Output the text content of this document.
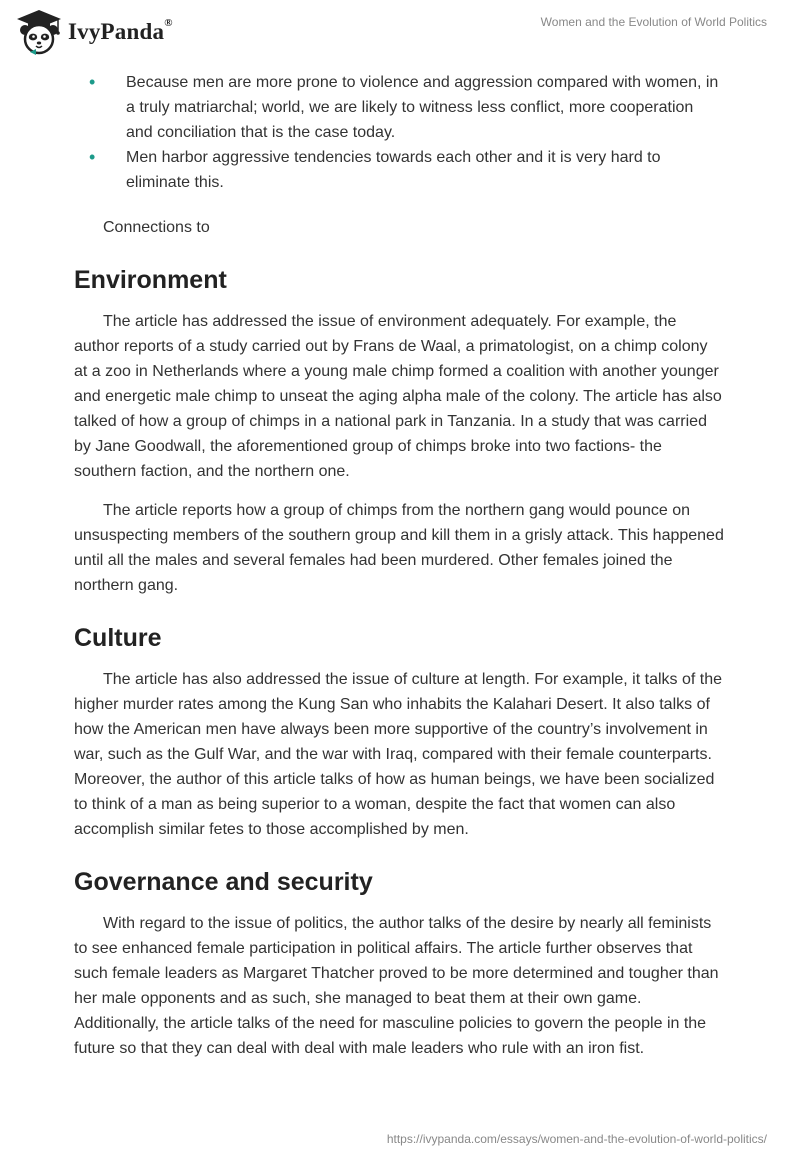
IvyPanda®	Women and the Evolution of World Politics
• Because men are more prone to violence and aggression compared with women, in a truly matriarchal; world, we are likely to witness less conflict, more cooperation and conciliation that is the case today.
• Men harbor aggressive tendencies towards each other and it is very hard to eliminate this.
Connections to
Environment

The article has addressed the issue of environment adequately. For example, the author reports of a study carried out by Frans de Waal, a primatologist, on a chimp colony at a zoo in Netherlands where a young male chimp formed a coalition with another younger and energetic male chimp to unseat the aging alpha male of the colony. The article has also talked of how a group of chimps in a national park in Tanzania. In a study that was carried by Jane Goodwall, the aforementioned group of chimps broke into two factions- the southern faction, and the northern one.

The article reports how a group of chimps from the northern gang would pounce on unsuspecting members of the southern group and kill them in a grisly attack. This happened until all the males and several females had been murdered. Other females joined the northern gang.

Culture

The article has also addressed the issue of culture at length. For example, it talks of the higher murder rates among the Kung San who inhabits the Kalahari Desert. It also talks of how the American men have always been more supportive of the country’s involvement in war, such as the Gulf War, and the war with Iraq, compared with their female counterparts. Moreover, the author of this article talks of how as human beings, we have been socialized to think of a man as being superior to a woman, despite the fact that women can also accomplish similar fetes to those accomplished by men.

Governance and security

With regard to the issue of politics, the author talks of the desire by nearly all feminists to see enhanced female participation in political affairs. The article further observes that such female leaders as Margaret Thatcher proved to be more determined and tougher than her male opponents and as such, she managed to beat them at their own game. Additionally, the article talks of the need for masculine policies to govern the people in the future so that they can deal with deal with male leaders who rule with an iron fist.

https://ivypanda.com/essays/women-and-the-evolution-of-world-politics/
